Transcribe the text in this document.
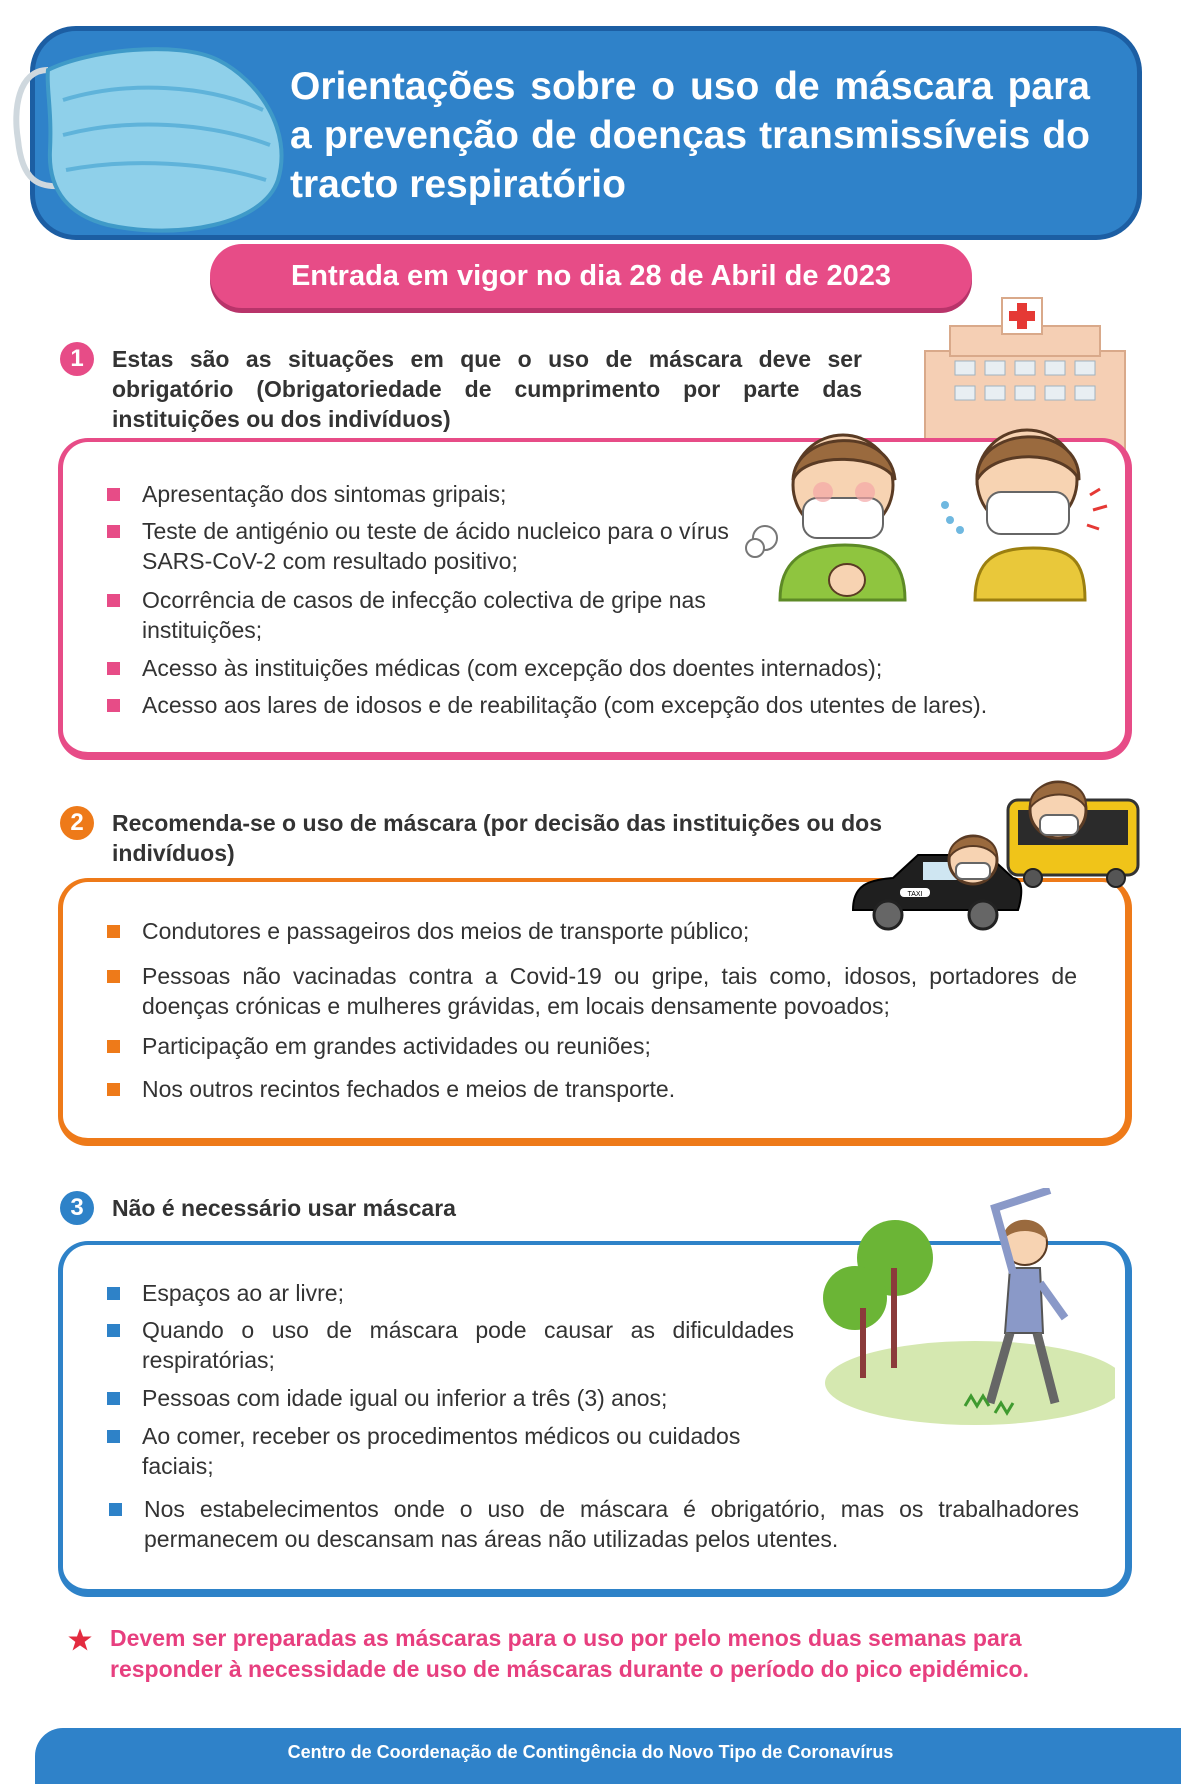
Orientações sobre o uso de máscara para a prevenção de doenças transmissíveis do tracto respiratório
Entrada em vigor no dia 28 de Abril de 2023
1	Estas são as situações em que o uso de máscara deve ser obrigatório (Obrigatoriedade de cumprimento por parte das instituições ou dos indivíduos)
Apresentação dos sintomas gripais;
Teste de antigénio ou teste de ácido nucleico para o vírus SARS-CoV-2 com resultado positivo;
Ocorrência de casos de infecção colectiva de gripe nas instituições;
Acesso às instituições médicas (com excepção dos doentes internados);
Acesso aos lares de idosos e de reabilitação (com excepção dos utentes de lares).
2	Recomenda-se o uso de máscara (por decisão das instituições ou dos indivíduos)
TAXI
Condutores e passageiros dos meios de transporte público;
Pessoas não vacinadas contra a Covid-19 ou gripe, tais como, idosos, portadores de doenças crónicas e mulheres grávidas, em locais densamente povoados;
Participação em grandes actividades ou reuniões;
Nos outros recintos fechados e meios de transporte.
3	Não é necessário usar máscara
Espaços ao ar livre;
Quando o uso de máscara pode causar as dificuldades respiratórias;
Pessoas com idade igual ou inferior a três (3) anos;
Ao comer, receber os procedimentos médicos ou cuidados faciais;
Nos estabelecimentos onde o uso de máscara é obrigatório, mas os trabalhadores permanecem ou descansam nas áreas não utilizadas pelos utentes.
Devem ser preparadas as máscaras para o uso por pelo menos duas semanas para responder à necessidade de uso de máscaras durante o período do pico epidémico.
Centro de Coordenação de Contingência do Novo Tipo de Coronavírus
